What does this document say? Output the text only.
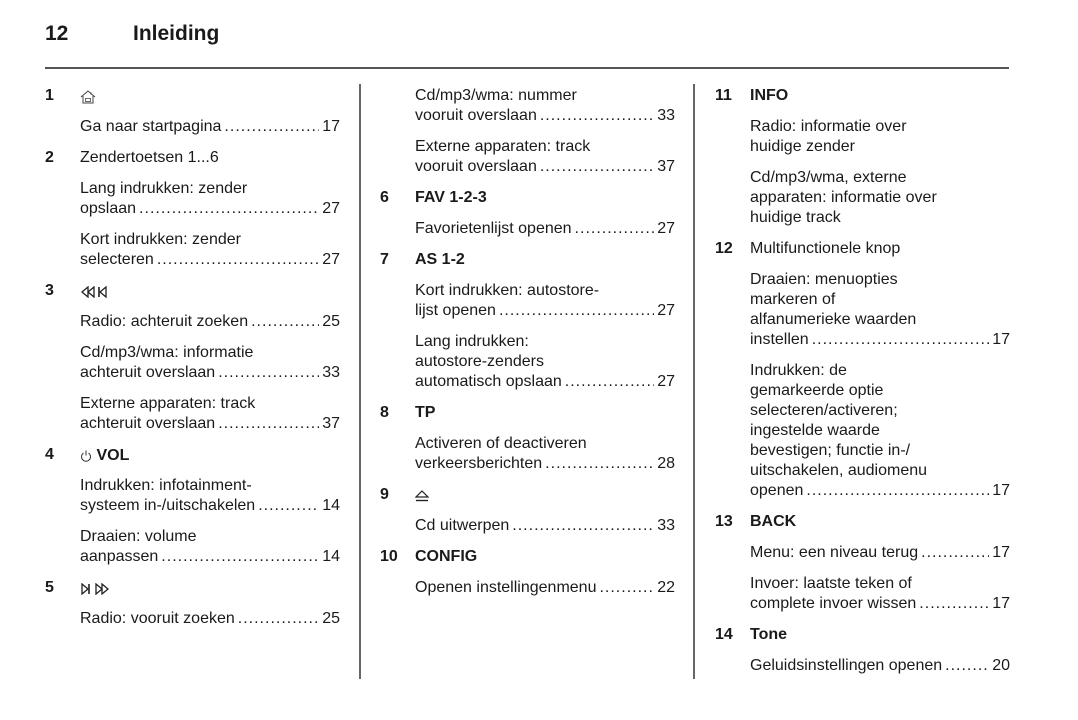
12	Inleiding
1
Ga naar startpagina .....	17
2 Zendertoetsen 1...6
Lang indrukken: zender
opslaan .....	27
Kort indrukken: zender
selecteren .....	27
3
Radio: achteruit zoeken .....	25
Cd/mp3/wma: informatie
achteruit overslaan .....	33
Externe apparaten: track
achteruit overslaan .....	37
4	VOL
Indrukken: infotainment-
systeem in-/uitschakelen .....	14
Draaien: volume
aanpassen .....	14
5
Radio: vooruit zoeken .....	25
Cd/mp3/wma: nummer
vooruit overslaan .....	33
Externe apparaten: track
vooruit overslaan .....	37
6 FAV 1-2-3
Favorietenlijst openen .....	27
7 AS 1-2
Kort indrukken: autostore-
lijst openen .....	27
Lang indrukken:
autostore-zenders
automatisch opslaan .....	27
8 TP
Activeren of deactiveren
verkeersberichten .....	28
9
Cd uitwerpen .....	33
10 CONFIG
Openen instellingenmenu .....	22
11 INFO
Radio: informatie over
huidige zender
Cd/mp3/wma, externe
apparaten: informatie over
huidige track
12 Multifunctionele knop
Draaien: menuopties
markeren of
alfanumerieke waarden
instellen .....	17
Indrukken: de
gemarkeerde optie
selecteren/activeren;
ingestelde waarde
bevestigen; functie in-/
uitschakelen, audiomenu
openen .....	17
13 BACK
Menu: een niveau terug .....	17
Invoer: laatste teken of
complete invoer wissen .....	17
14 Tone
Geluidsinstellingen openen .....	20
